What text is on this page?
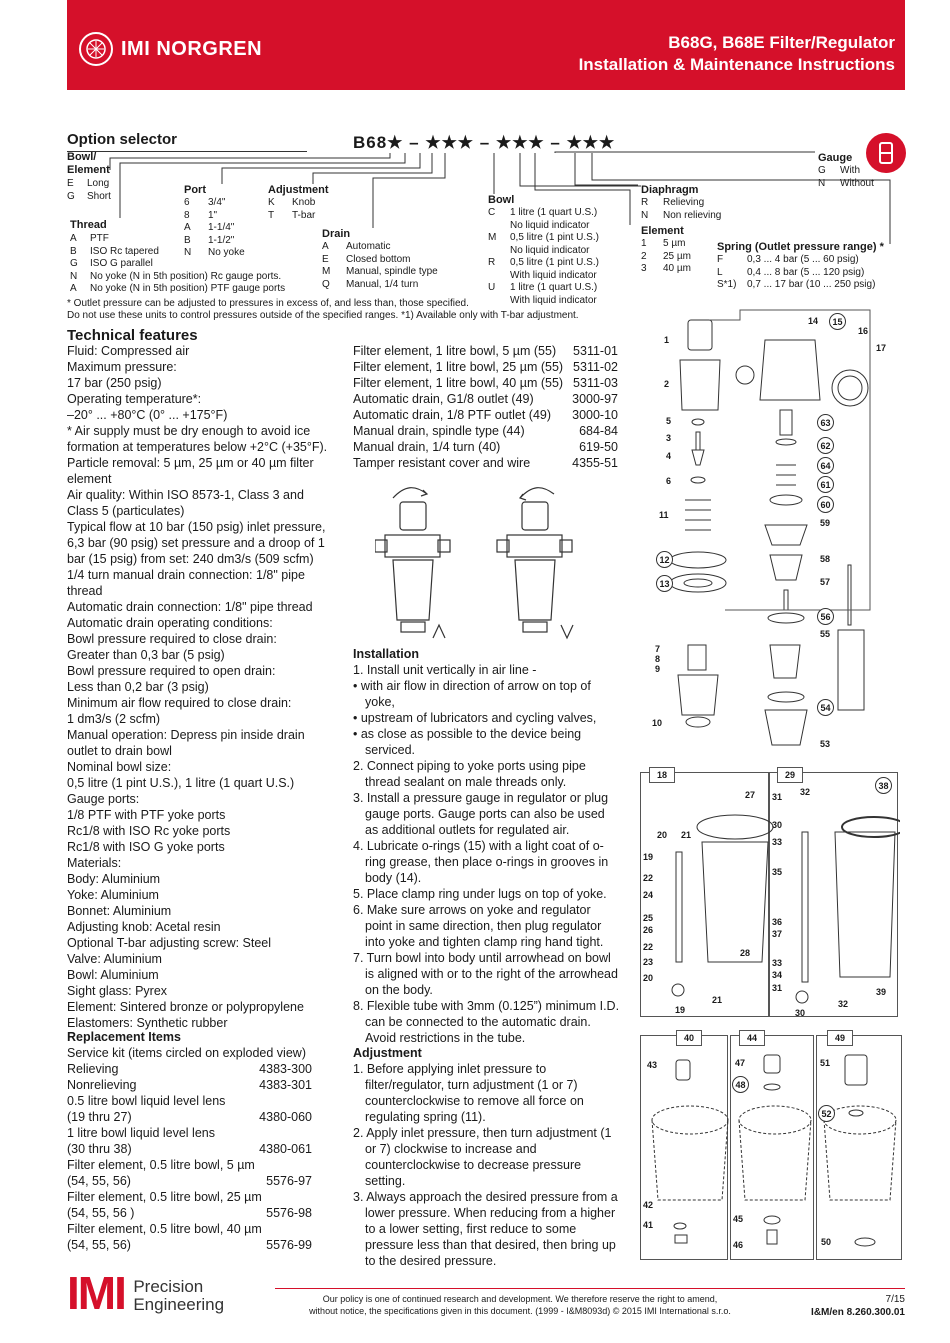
IMI NORGREN	B68G, B68E Filter/Regulator
Installation & Maintenance Instructions
Option selector	B68★ – ★★★ – ★★★ – ★★★
Bowl/
Element
E Long
G Short
Thread
A PTF
B ISO Rc tapered
G ISO G parallel
N No yoke (N in 5th position) Rc gauge ports.
A No yoke (N in 5th position) PTF gauge ports
Port
6 3/4"
8 1"
A 1-1/4"
B 1-1/2"
N No yoke
Adjustment
K Knob
T T-bar
Drain
A Automatic
E Closed bottom
M Manual, spindle type
Q Manual, 1/4 turn
Bowl
C 1 litre (1 quart U.S.)
No liquid indicator
M 0,5 litre (1 pint U.S.)
No liquid indicator
R 0,5 litre (1 pint U.S.)
With liquid indicator
U 1 litre (1 quart U.S.)
With liquid indicator
Diaphragm
R Relieving
N Non relieving
Element
1 5 µm
2 25 µm
3 40 µm
Gauge
G With
N Without
Spring (Outlet pressure range) *
F 0,3 ... 4 bar (5 ... 60 psig)
L 0,4 ... 8 bar (5 ... 120 psig)
S*1) 0,7 ... 17 bar (10 ... 250 psig)
* Outlet pressure can be adjusted to pressures in excess of, and less than, those specified.
Do not use these units to control pressures outside of the specified ranges. *1) Available only with T-bar adjustment.
Technical features
Fluid: Compressed air
Maximum pressure:
17 bar (250 psig)
Operating temperature*:
–20° ... +80°C (0° ... +175°F)
* Air supply must be dry enough to avoid ice
formation at temperatures below +2°C (+35°F).
Particle removal: 5 µm, 25 µm or 40 µm filter
element
Air quality: Within ISO 8573-1, Class 3 and
Class 5 (particulates)
Typical flow at 10 bar (150 psig) inlet pressure,
6,3 bar (90 psig) set pressure and a droop of 1
bar (15 psig) from set: 240 dm3/s (509 scfm)
1/4 turn manual drain connection: 1/8" pipe
thread
Automatic drain connection: 1/8" pipe thread
Automatic drain operating conditions:
Bowl pressure required to close drain:
Greater than 0,3 bar (5 psig)
Bowl pressure required to open drain:
Less than 0,2 bar (3 psig)
Minimum air flow required to close drain:
1 dm3/s (2 scfm)
Manual operation: Depress pin inside drain
outlet to drain bowl
Nominal bowl size:
0,5 litre (1 pint U.S.), 1 litre (1 quart U.S.)
Gauge ports:
1/8 PTF with PTF yoke ports
Rc1/8 with ISO Rc yoke ports
Rc1/8 with ISO G yoke ports
Materials:
Body: Aluminium
Yoke: Aluminium
Bonnet: Aluminium
Adjusting knob: Acetal resin
Optional T-bar adjusting screw: Steel
Valve: Aluminium
Bowl: Aluminium
Sight glass: Pyrex
Element: Sintered bronze or polypropylene
Elastomers: Synthetic rubber
Replacement Items
Service kit (items circled on exploded view)
Relieving	4383-300
Nonrelieving	4383-301
0.5 litre bowl liquid level lens
(19 thru 27)	4380-060
1 litre bowl liquid level lens
(30 thru 38)	4380-061
Filter element, 0.5 litre bowl, 5 µm
(54, 55, 56)	5576-97
Filter element, 0.5 litre bowl, 25 µm
(54, 55, 56 )	5576-98
Filter element, 0.5 litre bowl, 40 µm
(54, 55, 56)	5576-99
Filter element, 1 litre bowl, 5 µm (55)	5311-01
Filter element, 1 litre bowl, 25 µm (55) 5311-02
Filter element, 1 litre bowl, 40 µm (55) 5311-03
Automatic drain, G1/8 outlet (49)	3000-97
Automatic drain, 1/8 PTF outlet (49)	3000-10
Manual drain, spindle type (44)	684-84
Manual drain, 1/4 turn (40)	619-50
Tamper resistant cover and wire	4355-51
Installation
1. Install unit vertically in air line -
• with air flow in direction of arrow on top of yoke,
• upstream of lubricators and cycling valves,
• as close as possible to the device being serviced.
2. Connect piping to yoke ports using pipe thread sealant on male threads only.
3. Install a pressure gauge in regulator or plug gauge ports. Gauge ports can also be used as additional outlets for regulated air.
4. Lubricate o-rings (15) with a light coat of o-ring grease, then place o-rings in grooves in body (14).
5. Place clamp ring under lugs on top of yoke.
6. Make sure arrows on yoke and regulator point in same direction, then plug regulator into yoke and tighten clamp ring hand tight.
7. Turn bowl into body until arrowhead on bowl is aligned with or to the right of the arrowhead on the body.
8. Flexible tube with 3mm (0.125”) minimum I.D. can be connected to the automatic drain. Avoid restrictions in the tube.
Adjustment
1. Before applying inlet pressure to filter/regulator, turn adjustment (1 or 7) counterclockwise to remove all force on regulating spring (11).
2. Apply inlet pressure, then turn adjustment (1 or 7) clockwise to increase and counterclockwise to decrease pressure setting.
3. Always approach the desired pressure from a lower pressure. When reducing from a higher to a lower setting, first reduce to some pressure less than that desired, then bring up to the desired pressure.
1
2
5
3
4
6
11
12
13
14	15
16
17
63
62
64
61
60
59
58
57
56
55
54
53
7
8
9
10
18	29
27
38
20 21
19
22
24
25
26
22
23
20
19
21
28
31 32
30
33
35
36
37
33
34
31
30
32
39
40	44	49
43	47
48
51
52
42
41
45
46	50
IMI Precision
Engineering	Our policy is one of continued research and development. We therefore reserve the right to amend,
without notice, the specifications given in this document. (1999 - I&M8093d) © 2015 IMI International s.r.o.
7/15
I&M/en 8.260.300.01
